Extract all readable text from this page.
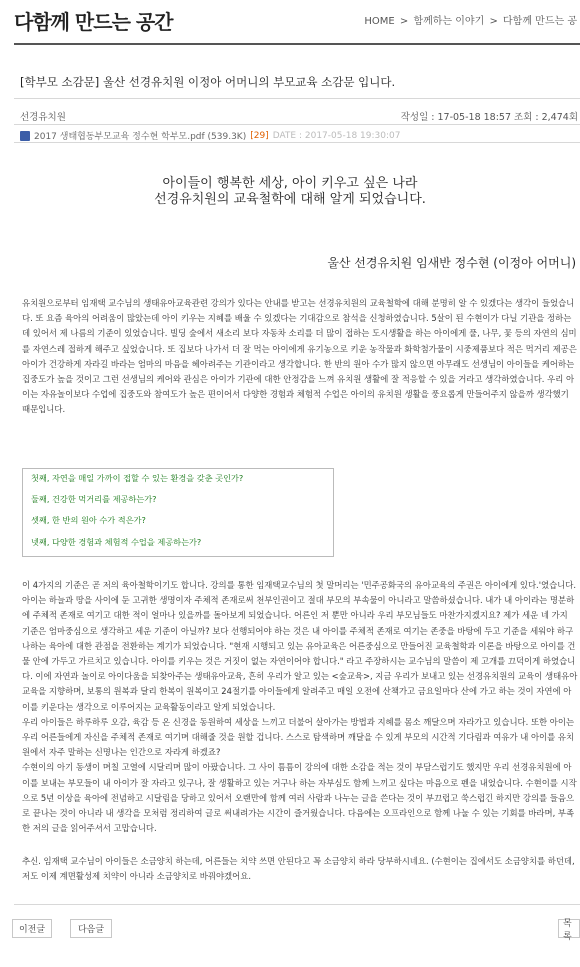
다함께 만드는 공간	HOME > 함께하는 이야기 > 다함께 만드는 공
[학부모 소감문] 울산 선경유치원 이정아 어머니의 부모교육 소감문 입니다.
선경유치원	작성일 : 17-05-18 18:57 조회 : 2,474회
2017 생태협동부모교육 정수현 학부모.pdf (539.3K) [29] DATE : 2017-05-18 19:30:07
아이들이 행복한 세상, 아이 키우고 싶은 나라
선경유치원의 교육철학에 대해 알게 되었습니다.
울산 선경유치원 임새반 정수현 (이정아 어머니)
유치원으로부터 임재택 교수님의 생태유아교육관련 강의가 있다는 안내를 받고는 선경유치원의 교육철학에 대해 분명히 알 수 있겠다는 생각이 들었습니다. 또 요즘 육아의 어려움이 많았는데 아이 키우는 지혜를 배울 수 있겠다는 기대감으로 참석을 신청하였습니다. 5살이 된 수현이가 다닐 기관을 정하는데 있어서 제 나름의 기준이 있었습니다. 빌딩 숲에서 새소리 보다 자동차 소리를 더 많이 접하는 도시생활을 하는 아이에게 풀, 나무, 꽃 등의 자연의 심미를 자연스레 접하게 해주고 싶었습니다. 또 집보다 나가서 더 잘 먹는 아이에게 유기농으로 키운 농작물과 화학첨가물이 시중제품보다 적은 먹거리 제공은 아이가 건강하게 자라길 바라는 엄마의 마음을 헤아려주는 기관이라고 생각합니다. 한 반의 원아 수가 많지 않으면 아무래도 선생님이 아이들을 케어하는 집중도가 높을 것이고 그런 선생님의 케어와 관심은 아이가 기관에 대한 안정감을 느껴 유치원 생활에 잘 적응할 수 있을 거라고 생각하였습니다. 우리 아이는 자유놀이보다 수업에 집중도와 참여도가 높은 편이어서 다양한 경험과 체험적 수업은 아이의 유치원 생활을 풍요롭게 만들어주지 않을까 생각했기 때문입니다.
첫째, 자연을 매일 가까이 접할 수 있는 환경을 갖춘 곳인가?
둘째, 건강한 먹거리를 제공하는가?
셋째, 한 반의 원아 수가 적은가?
넷째, 다양한 경험과 체험적 수업을 제공하는가?
이 4가지의 기준은 곧 저의 육아철학이기도 합니다. 강의를 통한 임재택교수님의 첫 말머리는 '민주공화국의 유아교육의 주권은 아이에게 있다.'였습니다. 아이는 하늘과 땅을 사이에 둔 고귀한 생명이자 주체적 존재로써 천부인권이고 절대 부모의 부속물이 아니라고 말씀하셨습니다. 내가 내 아이라는 명분하에 주체적 존재로 여기고 대한 적이 얼마나 있을까를 돌아보게 되었습니다. 어른인 저 뿐만 아니라 우리 부모님들도 마찬가지겠지요? 제가 세운 네 가지 기준은 엄마중심으로 생각하고 세운 기준이 아닐까? 보다 선행되어야 하는 것은 내 아이를 주체적 존재로 여기는 존중을 바탕에 두고 기준을 세워야 하구나하는 육아에 대한 관점을 전환하는 계기가 되었습니다. "현재 시행되고 있는 유아교육은 어른중심으로 만들어진 교육철학과 이론을 바탕으로 아이를 건물 안에 가두고 가르치고 있습니다. 아이를 키우는 것은 거짓이 없는 자연이어야 합니다." 라고 주장하시는 교수님의 말씀이 제 고개를 끄덕이게 하였습니다. 이에 자연과 놀이로 아이다움을 되찾아주는 생태유아교육, 흔히 우리가 알고 있는 <숲교육>, 지금 우리가 보내고 있는 선경유치원의 교육이 생태유아교육을 지향하며, 보통의 원복과 달리 한복이 원복이고 24절기를 아이들에게 알려주고 매일 오전에 산책가고 금요일마다 산에 가고 하는 것이 자연에 아이를 키운다는 생각으로 이루어지는 교육활동이라고 알게 되었습니다.
우리 아이들은 하루하루 오감, 육감 등 온 신경을 동원하여 세상을 느끼고 더불어 살아가는 방법과 지혜를 몸소 깨달으며 자라가고 있습니다. 또한 아이는 우리 어른들에게 자신을 주체적 존재로 여기며 대해줄 것을 원할 겁니다. 스스로 탐색하며 깨달을 수 있게 부모의 시간적 기다림과 여유가 내 아이를 유치원에서 자주 말하는 신명나는 인간으로 자라게 하겠죠?
수현이의 아기 동생이 며칠 고열에 시달리며 많이 아팠습니다. 그 사이 틈틈이 강의에 대한 소감을 적는 것이 부담스럽기도 했지만 우리 선경유치원에 아이를 보내는 부모들이 내 아이가 잘 자라고 있구나, 잘 생활하고 있는 거구나 하는 자부심도 함께 느끼고 싶다는 마음으로 펜을 내었습니다. 수현이를 시작으로 5년 이상을 육아에 전념하고 시달림을 당하고 있어서 오랜만에 함께 여러 사람과 나누는 글을 쓴다는 것이 부끄럽고 쑥스럽긴 하지만 강의를 들음으로 끝나는 것이 아니라 내 생각을 모처럼 정리하여 글로 써내려가는 시간이 즐거웠습니다. 다음에는 오프라인으로 함께 나눌 수 있는 기회를 바라며, 부족한 저의 글을 읽어주셔서 고맙습니다.
추신. 임재택 교수님이 아이들은 소금양치 하는데, 어른들는 치약 쓰면 안된다고 꼭 소금양치 하라 당부하시네요. (수현이는 집에서도 소금양치를 하던데, 저도 이제 계면활성제 치약이 아니라 소금양치로 바꿔야겠어요.
이전글	다음글
목록
